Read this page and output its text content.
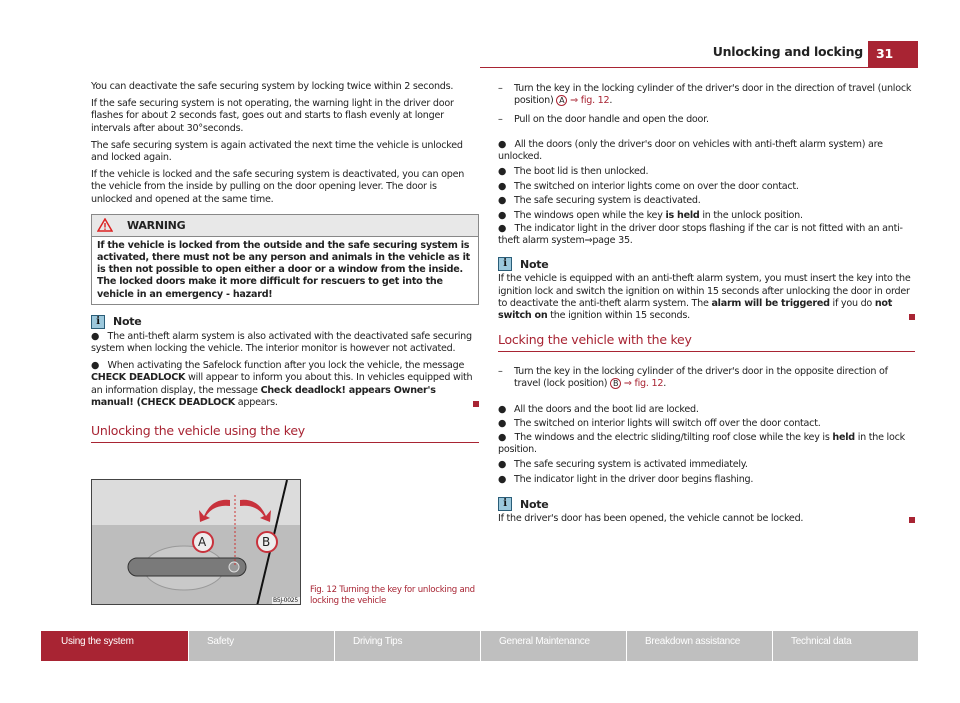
Unlocking and locking	31

You can deactivate the safe securing system by locking twice within 2 seconds.

If the safe securing system is not operating, the warning light in the driver door flashes for about 2 seconds fast, goes out and starts to flash evenly at longer intervals after about 30°seconds.

The safe securing system is again activated the next time the vehicle is unlocked and locked again.

If the vehicle is locked and the safe securing system is deactivated, you can open the vehicle from the inside by pulling on the door opening lever. The door is unlocked and opened at the same time.

WARNING
If the vehicle is locked from the outside and the safe securing system is activated, there must not be any person and animals in the vehicle as it is then not possible to open either a door or a window from the inside. The locked doors make it more difficult for rescuers to get into the vehicle in an emergency - hazard!
i	Note

●   The anti-theft alarm system is also activated with the deactivated safe securing system when locking the vehicle. The interior monitor is however not activated.

●   When activating the Safelock function after you lock the vehicle, the message CHECK DEADLOCK will appear to inform you about this. In vehicles equipped with an information display, the message Check deadlock! appears Owner's manual! (CHECK DEADLOCK appears.

Unlocking the vehicle using the key
A	B
B5J-0025
Fig. 12 Turning the key for unlocking and locking the vehicle
–	Turn the key in the locking cylinder of the driver's door in the direction of travel (unlock position) A ⇒ fig. 12.
–	Pull on the door handle and open the door.

●   All the doors (only the driver's door on vehicles with anti-theft alarm system) are unlocked.

● The boot lid is then unlocked.
● The switched on interior lights come on over the door contact.
● The safe securing system is deactivated.
● The windows open while the key is held in the unlock position.

●   The indicator light in the driver door stops flashing if the car is not fitted with an anti-theft alarm system⇒page 35.

i	Note

If the vehicle is equipped with an anti-theft alarm system, you must insert the key into the ignition lock and switch the ignition on within 15 seconds after unlocking the door in order to deactivate the anti-theft alarm system. The alarm will be triggered if you do not switch on the ignition within 15 seconds.

Locking the vehicle with the key
–	Turn the key in the locking cylinder of the driver's door in the opposite direction of travel (lock position) B ⇒ fig. 12.
● All the doors and the boot lid are locked.
● The switched on interior lights will switch off over the door contact.

●   The windows and the electric sliding/tilting roof close while the key is held in the lock position.

● The safe securing system is activated immediately.
● The indicator light in the driver door begins flashing.
i	Note

If the driver's door has been opened, the vehicle cannot be locked.

Using the system	Safety	Driving Tips	General Maintenance	Breakdown assistance	Technical data
